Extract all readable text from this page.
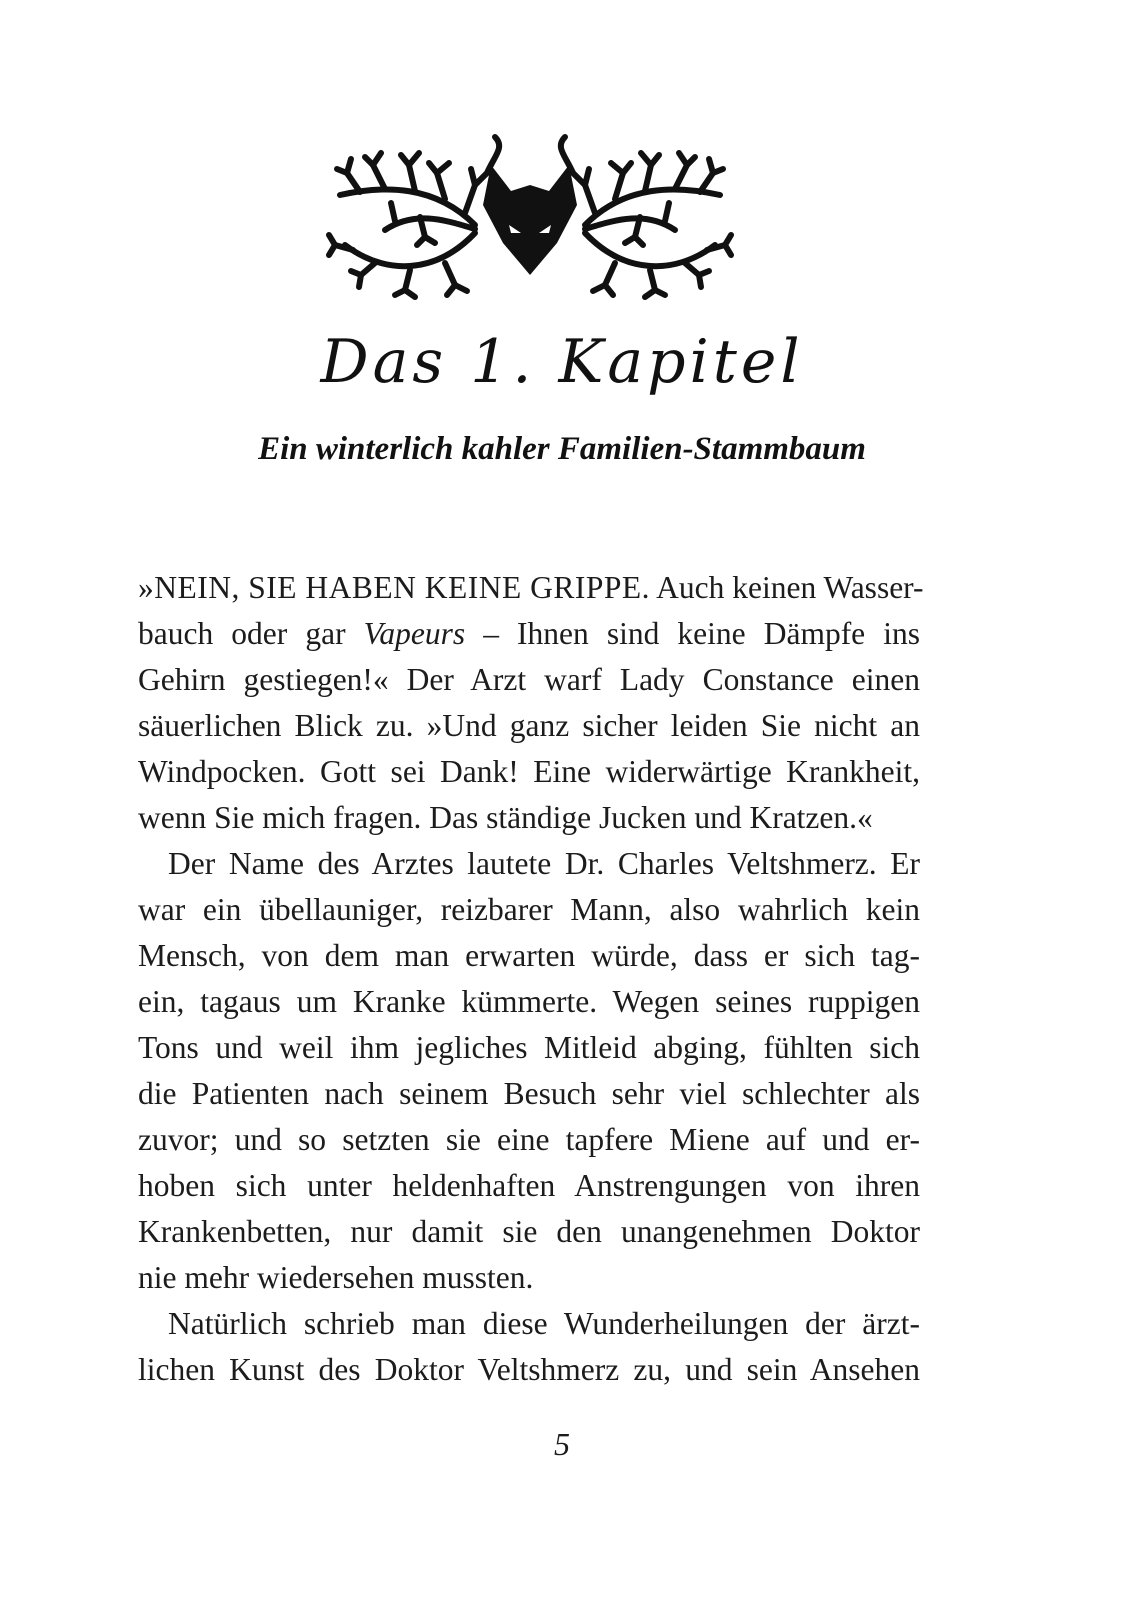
Das 1. Kapitel
Ein winterlich kahler Familien-Stammbaum

»NEIN, SIE HABEN KEINE GRIPPE. Auch keinen Wasser-
bauch oder gar Vapeurs – Ihnen sind keine Dämpfe ins
Gehirn gestiegen!« Der Arzt warf Lady Constance einen
säuerlichen Blick zu. »Und ganz sicher leiden Sie nicht an
Windpocken. Gott sei Dank! Eine widerwärtige Krankheit,
wenn Sie mich fragen. Das ständige Jucken und Kratzen.«

Der Name des Arztes lautete Dr. Charles Veltshmerz. Er
war ein übellauniger, reizbarer Mann, also wahrlich kein
Mensch, von dem man erwarten würde, dass er sich tag-
ein, tagaus um Kranke kümmerte. Wegen seines ruppigen
Tons und weil ihm jegliches Mitleid abging, fühlten sich
die Patienten nach seinem Besuch sehr viel schlechter als
zuvor; und so setzten sie eine tapfere Miene auf und er-
hoben sich unter heldenhaften Anstrengungen von ihren
Krankenbetten, nur damit sie den unangenehmen Doktor
nie mehr wiedersehen mussten.

Natürlich schrieb man diese Wunderheilungen der ärzt-
lichen Kunst des Doktor Veltshmerz zu, und sein Ansehen

5
